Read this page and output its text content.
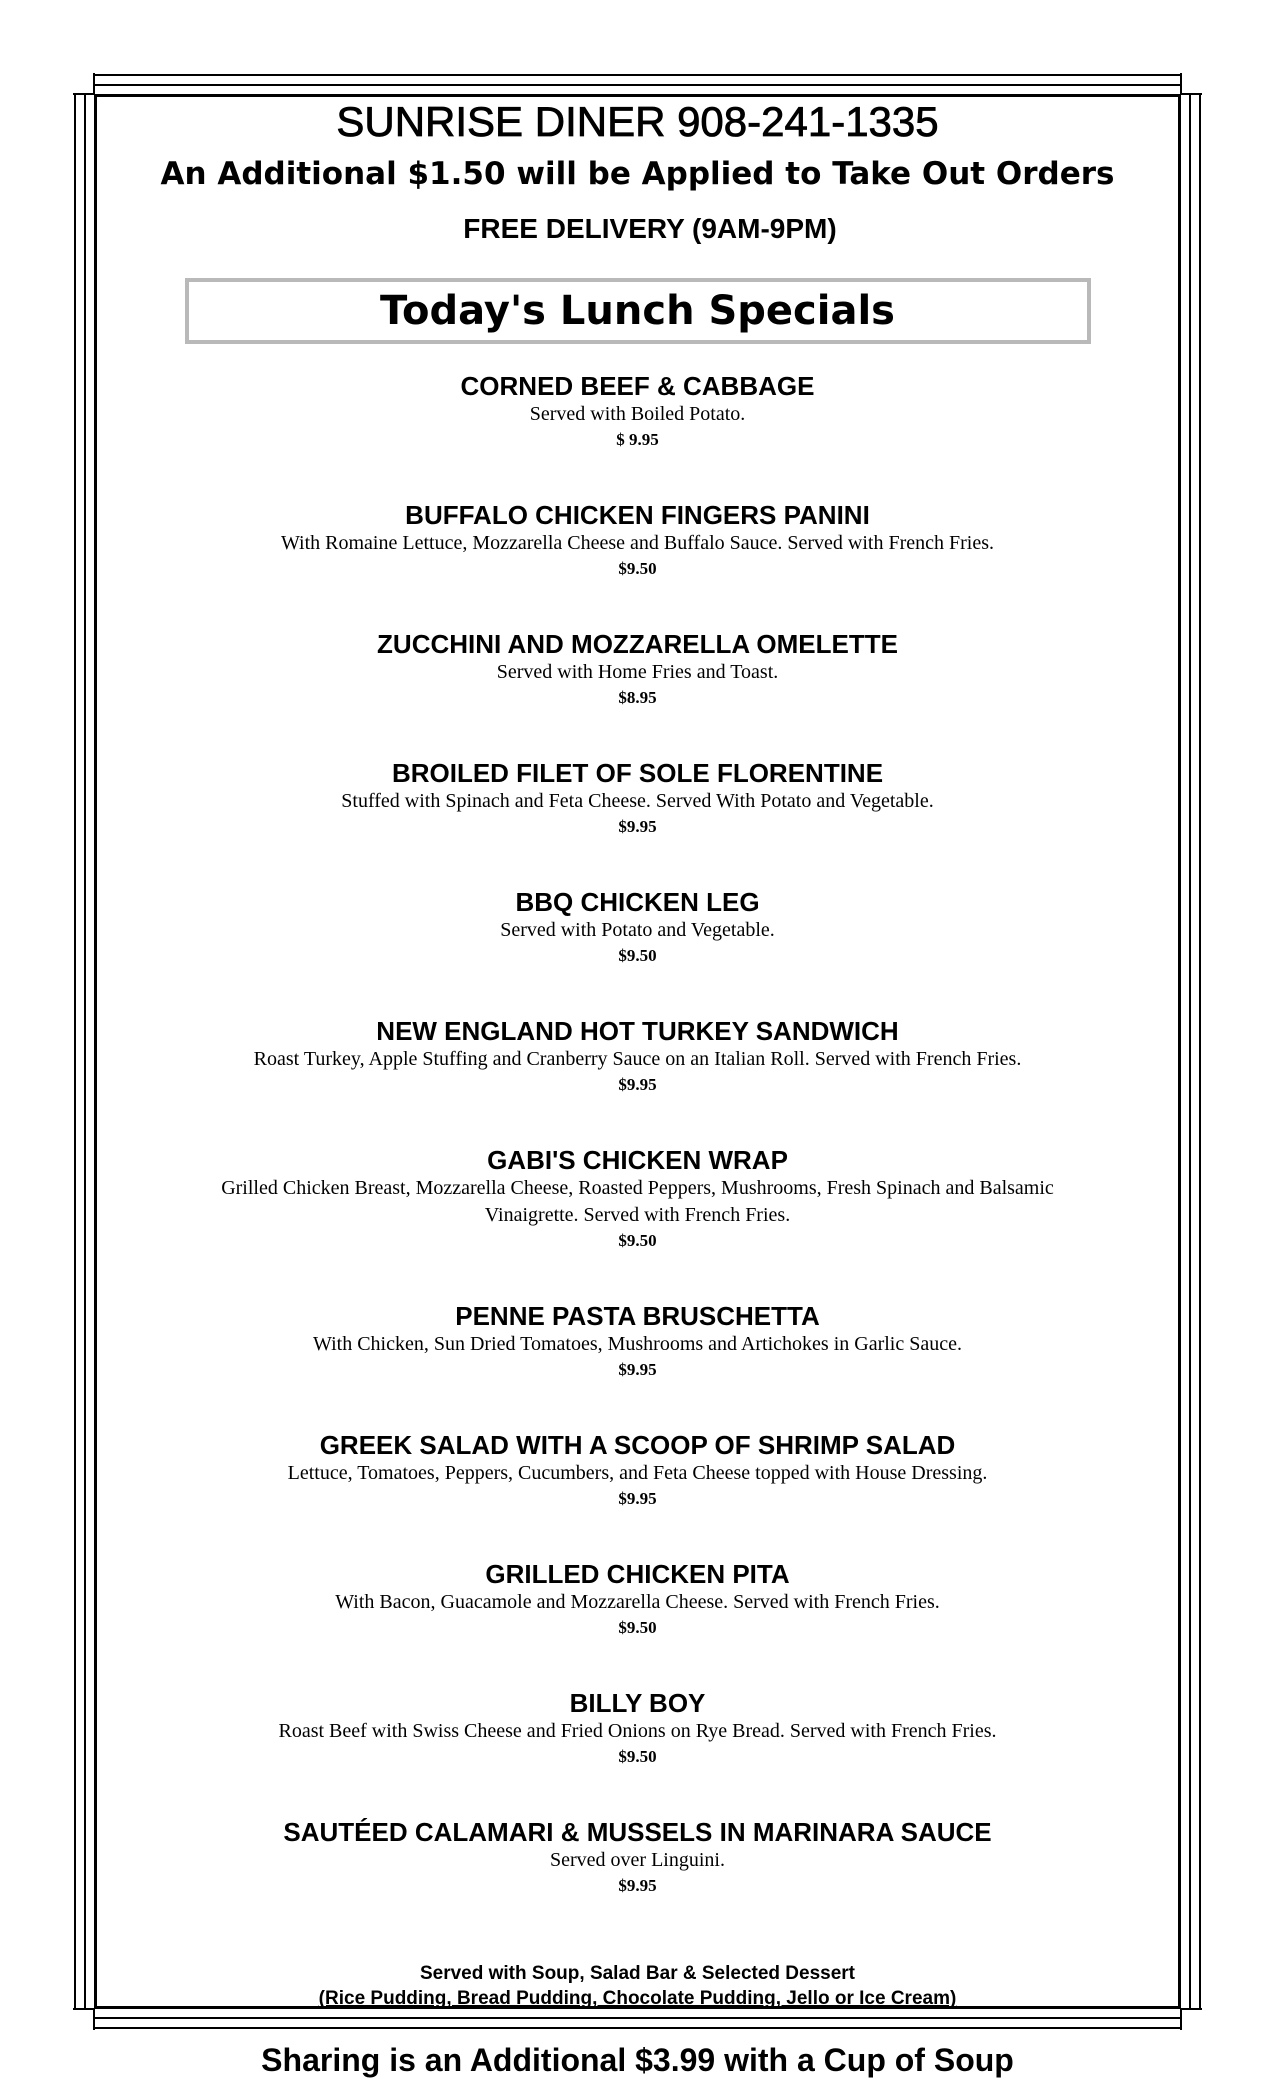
SUNRISE DINER 908-241-1335
An Additional $1.50 will be Applied to Take Out Orders
FREE DELIVERY (9AM-9PM)
Today's Lunch Specials
CORNED BEEF & CABBAGE
Served with Boiled Potato.
$ 9.95
BUFFALO CHICKEN FINGERS PANINI
With Romaine Lettuce, Mozzarella Cheese and Buffalo Sauce. Served with French Fries.
$9.50
ZUCCHINI AND MOZZARELLA OMELETTE
Served with Home Fries and Toast.
$8.95
BROILED FILET OF SOLE FLORENTINE
Stuffed with Spinach and Feta Cheese. Served With Potato and Vegetable.
$9.95
BBQ CHICKEN LEG
Served with Potato and Vegetable.
$9.50
NEW ENGLAND HOT TURKEY SANDWICH
Roast Turkey, Apple Stuffing and Cranberry Sauce on an Italian Roll. Served with French Fries.
$9.95
GABI'S CHICKEN WRAP
Grilled Chicken Breast, Mozzarella Cheese, Roasted Peppers, Mushrooms, Fresh Spinach and Balsamic Vinaigrette. Served with French Fries.
$9.50
PENNE PASTA BRUSCHETTA
With Chicken, Sun Dried Tomatoes, Mushrooms and Artichokes in Garlic Sauce.
$9.95
GREEK SALAD WITH A SCOOP OF SHRIMP SALAD
Lettuce, Tomatoes, Peppers, Cucumbers, and Feta Cheese topped with House Dressing.
$9.95
GRILLED CHICKEN PITA
With Bacon, Guacamole and Mozzarella Cheese. Served with French Fries.
$9.50
BILLY BOY
Roast Beef with Swiss Cheese and Fried Onions on Rye Bread. Served with French Fries.
$9.50
SAUTÉED CALAMARI & MUSSELS IN MARINARA SAUCE
Served over Linguini.
$9.95
Served with Soup, Salad Bar & Selected Dessert
(Rice Pudding, Bread Pudding, Chocolate Pudding, Jello or Ice Cream)
Sharing is an Additional $3.99 with a Cup of Soup
